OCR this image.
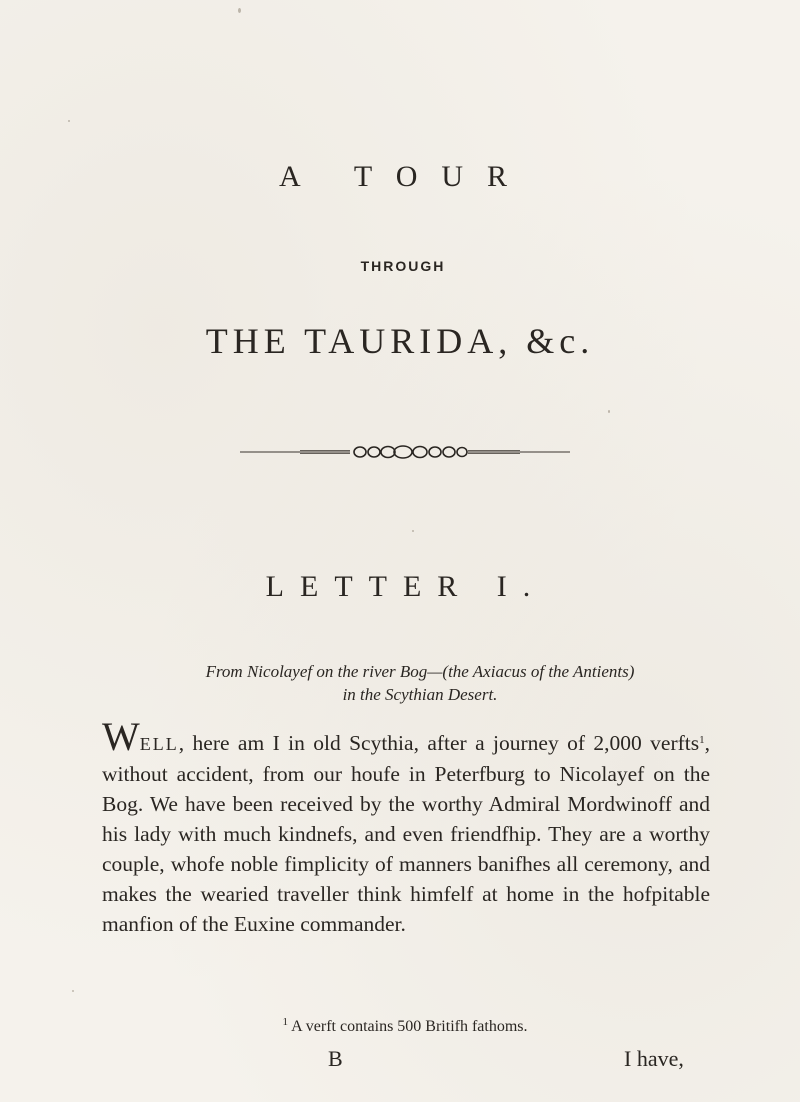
A TOUR
THROUGH
THE TAURIDA, &c.
LETTER I.
From Nicolayef on the river Bog—(the Axiacus of the Antients)
in the Scythian Desert.
WELL, here am I in old Scythia, after a journey of 2,000 verfts$^1$, without accident, from our houfe in Peterfburg to Nicolayef on the Bog. We have been received by the worthy Admiral Mordwinoff and his lady with much kindnefs, and even friendfhip. They are a worthy couple, whofe noble fimplicity of manners banifhes all ceremony, and makes the wearied traveller think himfelf at home in the hofpitable manfion of the Euxine commander.
$^1$ A verft contains 500 Britifh fathoms.
B	I have,
